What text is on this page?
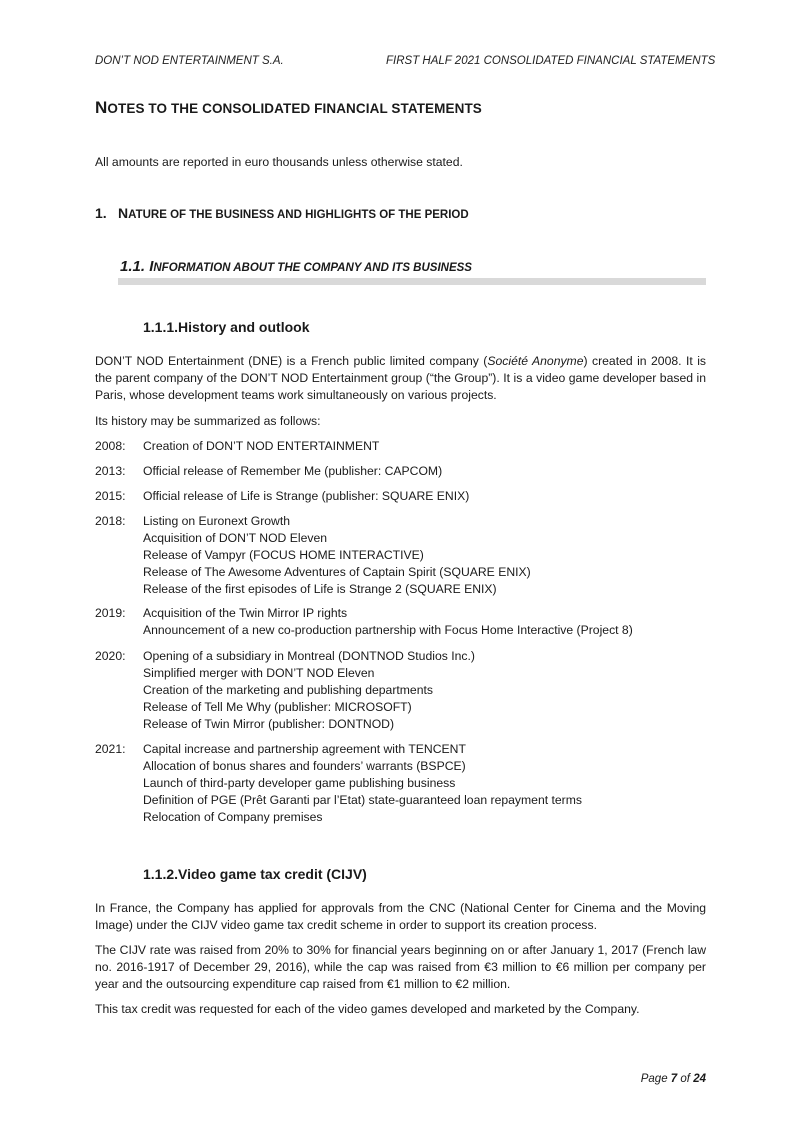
DON’T NOD ENTERTAINMENT S.A.	FIRST HALF 2021 CONSOLIDATED FINANCIAL STATEMENTS
NOTES TO THE CONSOLIDATED FINANCIAL STATEMENTS
All amounts are reported in euro thousands unless otherwise stated.
1. NATURE OF THE BUSINESS AND HIGHLIGHTS OF THE PERIOD
1.1. INFORMATION ABOUT THE COMPANY AND ITS BUSINESS
1.1.1.History and outlook
DON’T NOD Entertainment (DNE) is a French public limited company (Société Anonyme) created in 2008. It is the parent company of the DON’T NOD Entertainment group (“the Group”). It is a video game developer based in Paris, whose development teams work simultaneously on various projects.
Its history may be summarized as follows:
2008: Creation of DON’T NOD ENTERTAINMENT
2013: Official release of Remember Me (publisher: CAPCOM)
2015: Official release of Life is Strange (publisher: SQUARE ENIX)
2018: Listing on Euronext Growth
Acquisition of DON’T NOD Eleven
Release of Vampyr (FOCUS HOME INTERACTIVE)
Release of The Awesome Adventures of Captain Spirit (SQUARE ENIX)
Release of the first episodes of Life is Strange 2 (SQUARE ENIX)
2019: Acquisition of the Twin Mirror IP rights
Announcement of a new co-production partnership with Focus Home Interactive (Project 8)
2020: Opening of a subsidiary in Montreal (DONTNOD Studios Inc.)
Simplified merger with DON’T NOD Eleven
Creation of the marketing and publishing departments
Release of Tell Me Why (publisher: MICROSOFT)
Release of Twin Mirror (publisher: DONTNOD)
2021: Capital increase and partnership agreement with TENCENT
Allocation of bonus shares and founders’ warrants (BSPCE)
Launch of third-party developer game publishing business
Definition of PGE (Prêt Garanti par l’Etat) state-guaranteed loan repayment terms
Relocation of Company premises
1.1.2.Video game tax credit (CIJV)
In France, the Company has applied for approvals from the CNC (National Center for Cinema and the Moving Image) under the CIJV video game tax credit scheme in order to support its creation process.
The CIJV rate was raised from 20% to 30% for financial years beginning on or after January 1, 2017 (French law no. 2016-1917 of December 29, 2016), while the cap was raised from €3 million to €6 million per company per year and the outsourcing expenditure cap raised from €1 million to €2 million.
This tax credit was requested for each of the video games developed and marketed by the Company.
Page 7 of 24
